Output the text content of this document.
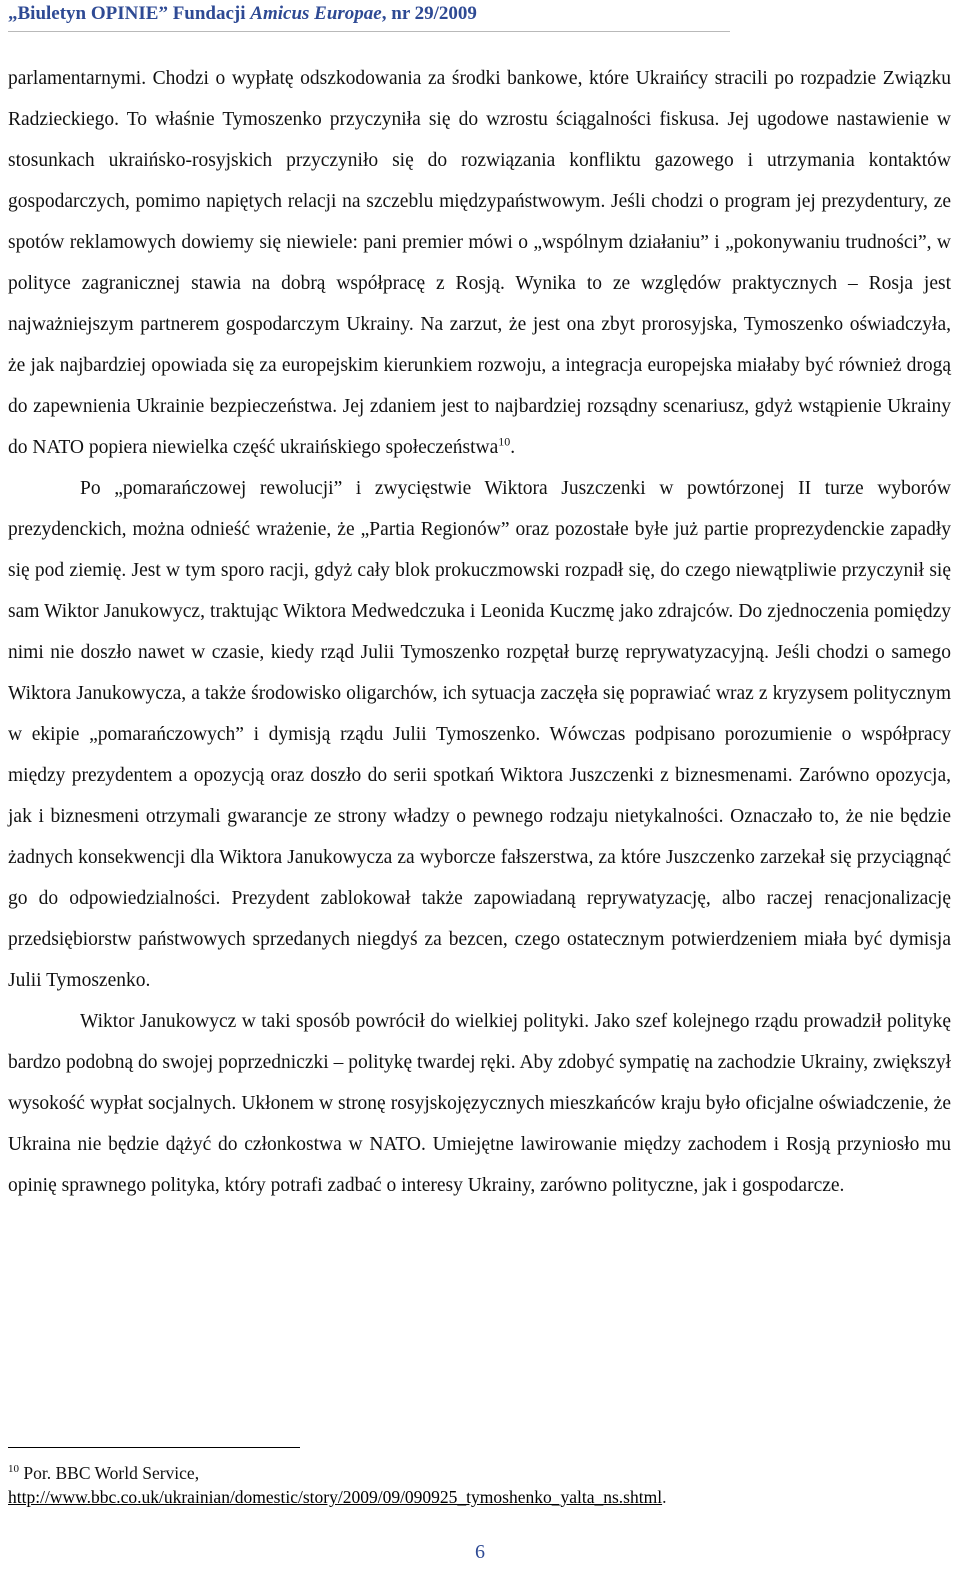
„Biuletyn OPINIE” Fundacji Amicus Europae, nr 29/2009

parlamentarnymi. Chodzi o wypłatę odszkodowania za środki bankowe, które Ukraińcy stracili po rozpadzie Związku Radzieckiego. To właśnie Tymoszenko przyczyniła się do wzrostu ściągalności fiskusa. Jej ugodowe nastawienie w stosunkach ukraińsko-rosyjskich przyczyniło się do rozwiązania konfliktu gazowego i utrzymania kontaktów gospodarczych, pomimo napiętych relacji na szczeblu międzypaństwowym. Jeśli chodzi o program jej prezydentury, ze spotów reklamowych dowiemy się niewiele: pani premier mówi o „wspólnym działaniu” i „pokonywaniu trudności”, w polityce zagranicznej stawia na dobrą współpracę z Rosją. Wynika to ze względów praktycznych – Rosja jest najważniejszym partnerem gospodarczym Ukrainy. Na zarzut, że jest ona zbyt prorosyjska, Tymoszenko oświadczyła, że jak najbardziej opowiada się za europejskim kierunkiem rozwoju, a integracja europejska miałaby być również drogą do zapewnienia Ukrainie bezpieczeństwa. Jej zdaniem jest to najbardziej rozsądny scenariusz, gdyż wstąpienie Ukrainy do NATO popiera niewielka część ukraińskiego społeczeństwa$^{10}$.

Po „pomarańczowej rewolucji” i zwycięstwie Wiktora Juszczenki w powtórzonej II turze wyborów prezydenckich, można odnieść wrażenie, że „Partia Regionów” oraz pozostałe byłe już partie proprezydenckie zapadły się pod ziemię. Jest w tym sporo racji, gdyż cały blok prokuczmowski rozpadł się, do czego niewątpliwie przyczynił się sam Wiktor Janukowycz, traktując Wiktora Medwedczuka i Leonida Kuczmę jako zdrajców. Do zjednoczenia pomiędzy nimi nie doszło nawet w czasie, kiedy rząd Julii Tymoszenko rozpętał burzę reprywatyzacyjną. Jeśli chodzi o samego Wiktora Janukowycza, a także środowisko oligarchów, ich sytuacja zaczęła się poprawiać wraz z kryzysem politycznym w ekipie „pomarańczowych” i dymisją rządu Julii Tymoszenko. Wówczas podpisano porozumienie o współpracy między prezydentem a opozycją oraz doszło do serii spotkań Wiktora Juszczenki z biznesmenami. Zarówno opozycja, jak i biznesmeni otrzymali gwarancje ze strony władzy o pewnego rodzaju nietykalności. Oznaczało to, że nie będzie żadnych konsekwencji dla Wiktora Janukowycza za wyborcze fałszerstwa, za które Juszczenko zarzekał się przyciągnąć go do odpowiedzialności. Prezydent zablokował także zapowiadaną reprywatyzację, albo raczej renacjonalizację przedsiębiorstw państwowych sprzedanych niegdyś za bezcen, czego ostatecznym potwierdzeniem miała być dymisja Julii Tymoszenko.

Wiktor Janukowycz w taki sposób powrócił do wielkiej polityki. Jako szef kolejnego rządu prowadził politykę bardzo podobną do swojej poprzedniczki – politykę twardej ręki. Aby zdobyć sympatię na zachodzie Ukrainy, zwiększył wysokość wypłat socjalnych. Ukłonem w stronę rosyjskojęzycznych mieszkańców kraju było oficjalne oświadczenie, że Ukraina nie będzie dążyć do członkostwa w NATO. Umiejętne lawirowanie między zachodem i Rosją przyniosło mu opinię sprawnego polityka, który potrafi zadbać o interesy Ukrainy, zarówno polityczne, jak i gospodarcze.

$^{10}$ Por. BBC World Service,
http://www.bbc.co.uk/ukrainian/domestic/story/2009/09/090925_tymoshenko_yalta_ns.shtml.
6
